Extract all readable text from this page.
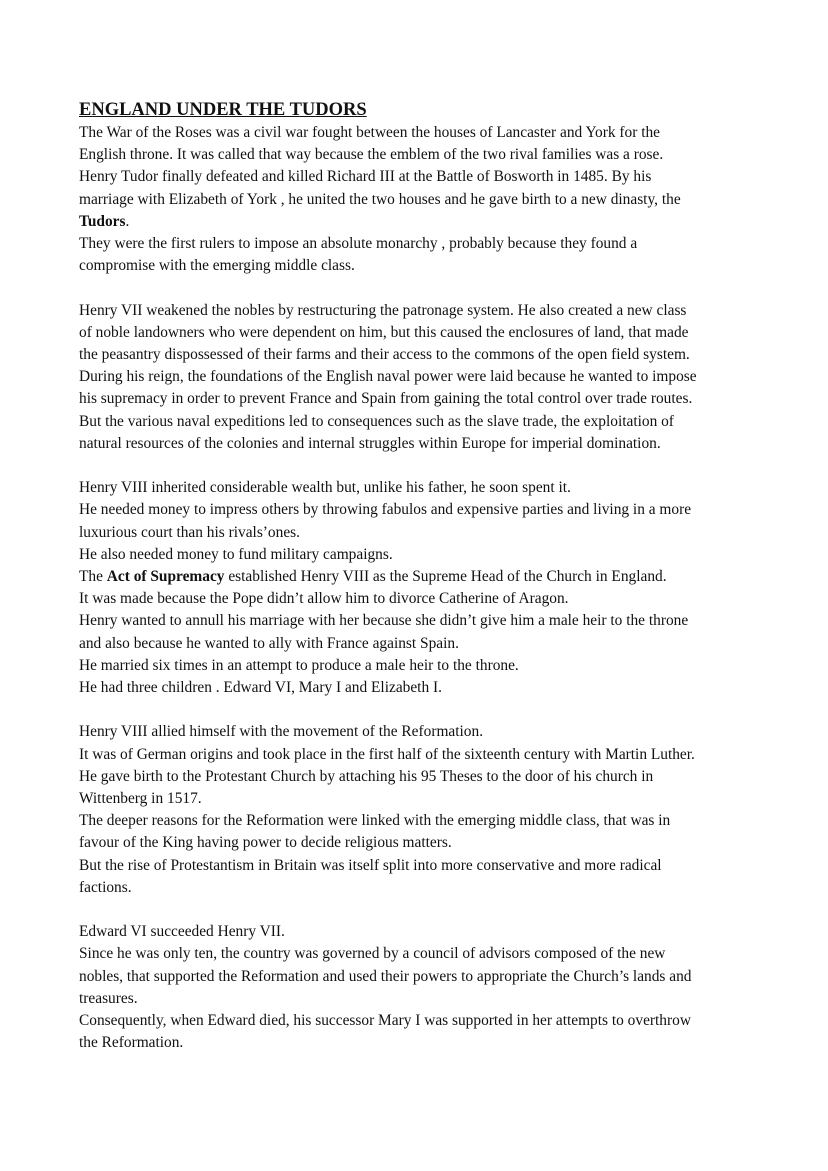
ENGLAND UNDER THE TUDORS

The War of the Roses was a civil war fought between the houses of Lancaster and York for the

English throne. It was called that way because the emblem of the two rival families was a rose.

Henry Tudor finally defeated and killed Richard III at the Battle of Bosworth in 1485. By his

marriage with Elizabeth of York , he united the two houses and he gave birth to a new dinasty, the

Tudors.

They were the first rulers to impose an absolute monarchy , probably because they found a

compromise with the emerging middle class.

Henry VII weakened the nobles by restructuring the patronage system. He also created a new class

of noble landowners who were dependent on him, but this caused the enclosures of land, that made

the peasantry dispossessed of their farms and their access to the commons of the open field system.

During his reign, the foundations of the English naval power were laid because he wanted to impose

his supremacy in order to prevent France and Spain from gaining the total control over trade routes.

But the various naval expeditions led to consequences such as the slave trade, the exploitation of

natural resources of the colonies and internal struggles within Europe for imperial domination.

Henry VIII inherited considerable wealth but, unlike his father, he soon spent it.

He needed money to impress others by throwing fabulos and expensive parties and living in a more

luxurious court than his rivals’ones.

He also needed money to fund military campaigns.

The Act of Supremacy established Henry VIII as the Supreme Head of the Church in England.

It was made because the Pope didn’t allow him to divorce Catherine of Aragon.

Henry wanted to annull his marriage with her because she didn’t give him a male heir to the throne

and also because he wanted to ally with France against Spain.

He married six times in an attempt to produce a male heir to the throne.

He had three children . Edward VI, Mary I and Elizabeth I.

Henry VIII allied himself with the movement of the Reformation.

It was of German origins and took place in the first half of the sixteenth century with Martin Luther.

He gave birth to the Protestant Church by attaching his 95 Theses to the door of his church in

Wittenberg in 1517.

The deeper reasons for the Reformation were linked with the emerging middle class, that was in

favour of the King having power to decide religious matters.

But the rise of Protestantism in Britain was itself split into more conservative and more radical

factions.

Edward VI succeeded Henry VII.

Since he was only ten, the country was governed by a council of advisors composed of the new

nobles, that supported the Reformation and used their powers to appropriate the Church’s lands and

treasures.

Consequently, when Edward died, his successor Mary I was supported in her attempts to overthrow

the Reformation.
